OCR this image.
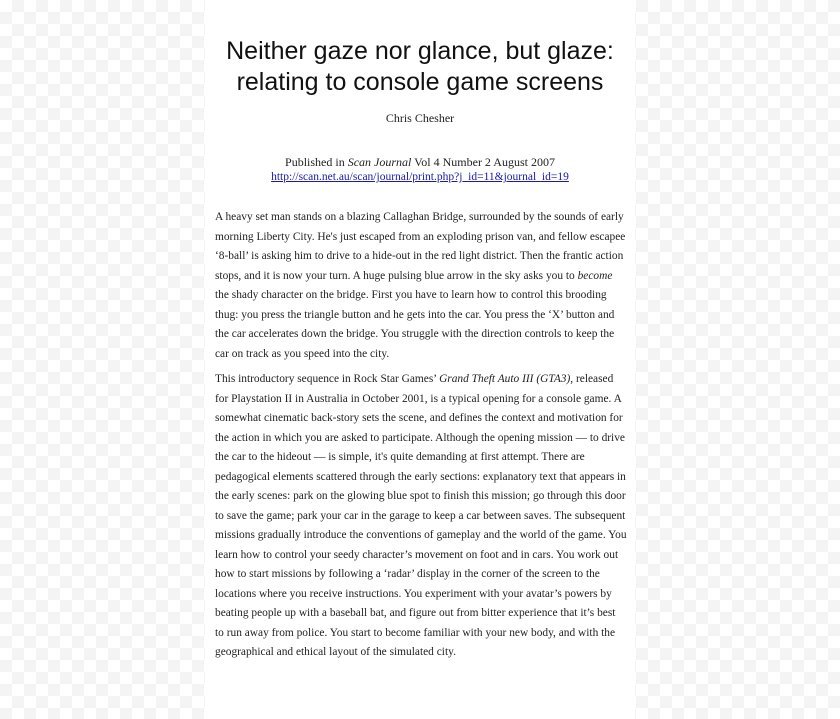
Neither gaze nor glance, but glaze:
relating to console game screens
Chris Chesher
Published in Scan Journal Vol 4 Number 2 August 2007
http://scan.net.au/scan/journal/print.php?j_id=11&journal_id=19

A heavy set man stands on a blazing Callaghan Bridge, surrounded by the sounds of early morning Liberty City. He's just escaped from an exploding prison van, and fellow escapee ‘8-ball’ is asking him to drive to a hide-out in the red light district. Then the frantic action stops, and it is now your turn. A huge pulsing blue arrow in the sky asks you to become the shady character on the bridge. First you have to learn how to control this brooding thug: you press the triangle button and he gets into the car. You press the ‘X’ button and the car accelerates down the bridge. You struggle with the direction controls to keep the car on track as you speed into the city.

This introductory sequence in Rock Star Games’ Grand Theft Auto III (GTA3), released for Playstation II in Australia in October 2001, is a typical opening for a console game. A somewhat cinematic back-story sets the scene, and defines the context and motivation for the action in which you are asked to participate. Although the opening mission — to drive the car to the hideout — is simple, it's quite demanding at first attempt. There are pedagogical elements scattered through the early sections: explanatory text that appears in the early scenes: park on the glowing blue spot to finish this mission; go through this door to save the game; park your car in the garage to keep a car between saves. The subsequent missions gradually introduce the conventions of gameplay and the world of the game. You learn how to control your seedy character’s movement on foot and in cars. You work out how to start missions by following a ‘radar’ display in the corner of the screen to the locations where you receive instructions. You experiment with your avatar’s powers by beating people up with a baseball bat, and figure out from bitter experience that it’s best to run away from police. You start to become familiar with your new body, and with the geographical and ethical layout of the simulated city.
